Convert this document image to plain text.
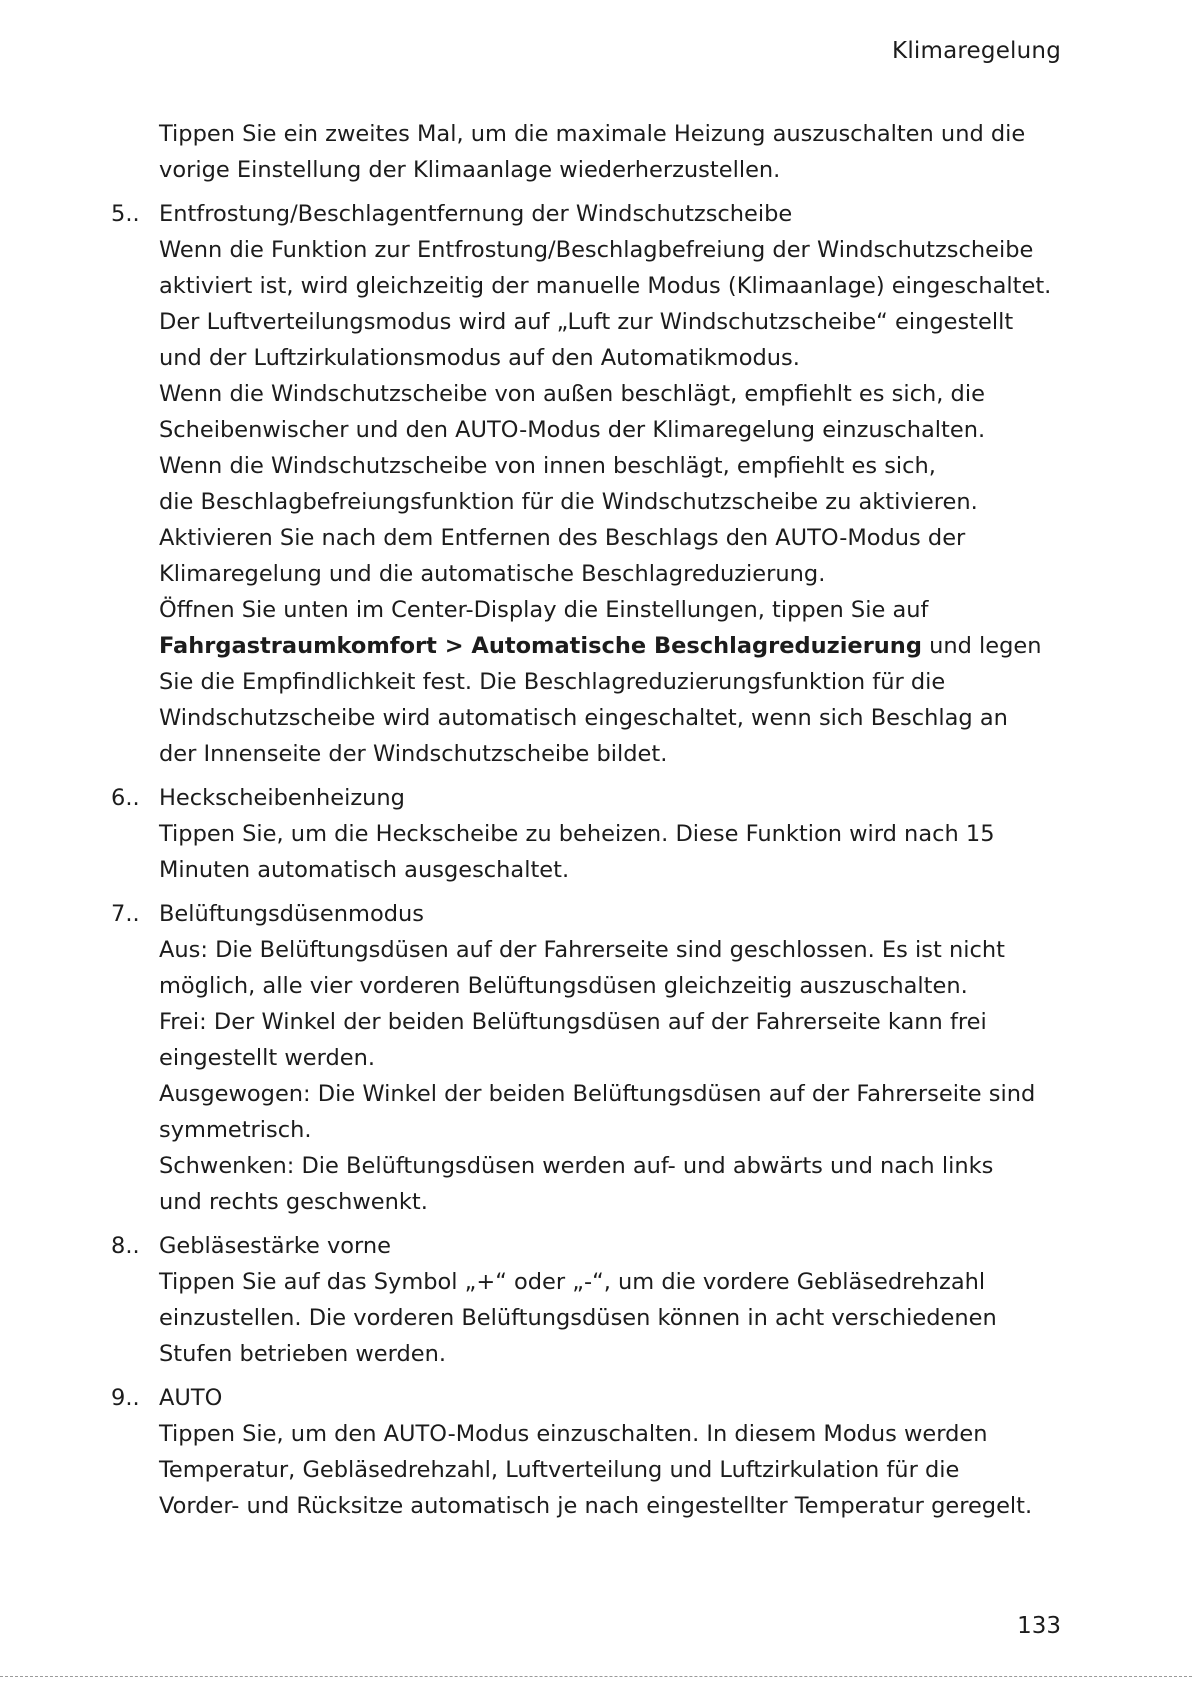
Klimaregelung
Tippen Sie ein zweites Mal, um die maximale Heizung auszuschalten und die
vorige Einstellung der Klimaanlage wiederherzustellen.
5.. Entfrostung/Beschlagentfernung der Windschutzscheibe
Wenn die Funktion zur Entfrostung/Beschlagbefreiung der Windschutzscheibe
aktiviert ist, wird gleichzeitig der manuelle Modus (Klimaanlage) eingeschaltet.
Der Luftverteilungsmodus wird auf „Luft zur Windschutzscheibe“ eingestellt
und der Luftzirkulationsmodus auf den Automatikmodus.
Wenn die Windschutzscheibe von außen beschlägt, empfiehlt es sich, die
Scheibenwischer und den AUTO-Modus der Klimaregelung einzuschalten.
Wenn die Windschutzscheibe von innen beschlägt, empfiehlt es sich,
die Beschlagbefreiungsfunktion für die Windschutzscheibe zu aktivieren.
Aktivieren Sie nach dem Entfernen des Beschlags den AUTO-Modus der
Klimaregelung und die automatische Beschlagreduzierung.
Öffnen Sie unten im Center-Display die Einstellungen, tippen Sie auf
Fahrgastraumkomfort > Automatische Beschlagreduzierung und legen
Sie die Empfindlichkeit fest. Die Beschlagreduzierungsfunktion für die
Windschutzscheibe wird automatisch eingeschaltet, wenn sich Beschlag an
der Innenseite der Windschutzscheibe bildet.
6.. Heckscheibenheizung
Tippen Sie, um die Heckscheibe zu beheizen. Diese Funktion wird nach 15
Minuten automatisch ausgeschaltet.
7.. Belüftungsdüsenmodus
Aus: Die Belüftungsdüsen auf der Fahrerseite sind geschlossen. Es ist nicht
möglich, alle vier vorderen Belüftungsdüsen gleichzeitig auszuschalten.
Frei: Der Winkel der beiden Belüftungsdüsen auf der Fahrerseite kann frei
eingestellt werden.
Ausgewogen: Die Winkel der beiden Belüftungsdüsen auf der Fahrerseite sind
symmetrisch.
Schwenken: Die Belüftungsdüsen werden auf- und abwärts und nach links
und rechts geschwenkt.
8.. Gebläsestärke vorne
Tippen Sie auf das Symbol „+“ oder „-“, um die vordere Gebläsedrehzahl
einzustellen. Die vorderen Belüftungsdüsen können in acht verschiedenen
Stufen betrieben werden.
9.. AUTO
Tippen Sie, um den AUTO-Modus einzuschalten. In diesem Modus werden
Temperatur, Gebläsedrehzahl, Luftverteilung und Luftzirkulation für die
Vorder- und Rücksitze automatisch je nach eingestellter Temperatur geregelt.
133
